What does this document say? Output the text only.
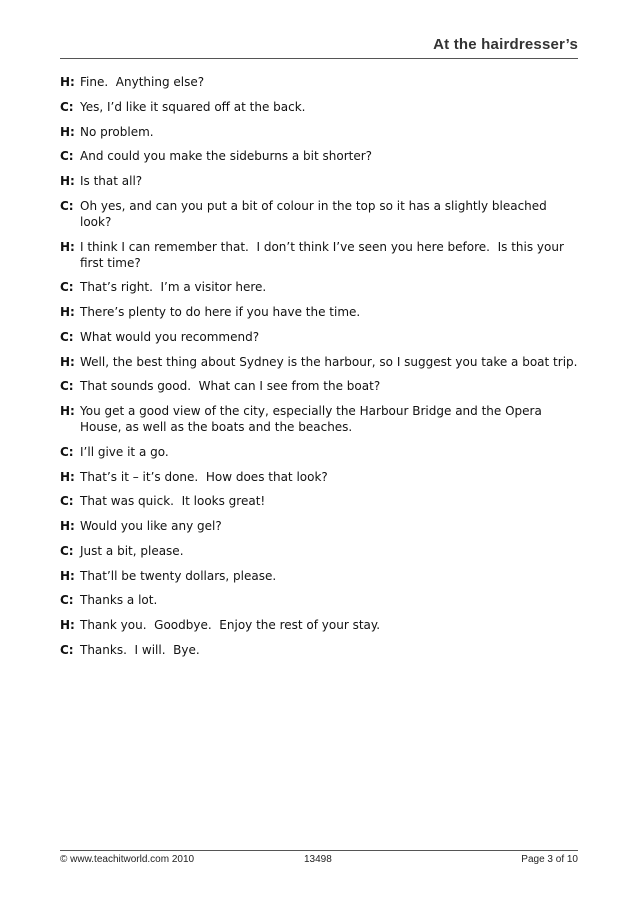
At the hairdresser’s
H: Fine.  Anything else?
C: Yes, I’d like it squared off at the back.
H: No problem.
C: And could you make the sideburns a bit shorter?
H: Is that all?
C: Oh yes, and can you put a bit of colour in the top so it has a slightly bleached look?
H: I think I can remember that.  I don’t think I’ve seen you here before.  Is this your first time?
C: That’s right.  I’m a visitor here.
H: There’s plenty to do here if you have the time.
C: What would you recommend?
H: Well, the best thing about Sydney is the harbour, so I suggest you take a boat trip.
C: That sounds good.  What can I see from the boat?
H: You get a good view of the city, especially the Harbour Bridge and the Opera House, as well as the boats and the beaches.
C: I’ll give it a go.
H: That’s it – it’s done.  How does that look?
C: That was quick.  It looks great!
H: Would you like any gel?
C: Just a bit, please.
H: That’ll be twenty dollars, please.
C: Thanks a lot.
H: Thank you.  Goodbye.  Enjoy the rest of your stay.
C: Thanks.  I will.  Bye.
© www.teachitworld.com 2010	13498	Page 3 of 10
